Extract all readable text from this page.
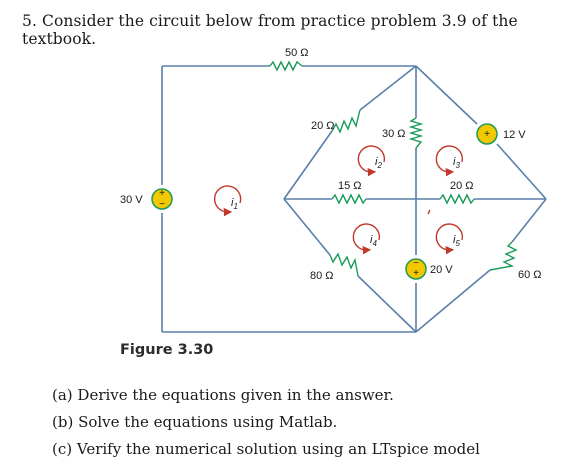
5. Consider the circuit below from practice problem 3.9 of the textbook.
+
−
+
−
+
50 Ω
20 Ω
30 Ω
15 Ω	20 Ω
80 Ω	60 Ω
30 V
12 V
20 V
$i_1$
$i_2$	$i_3$
$i_4$	$i_5$
Figure 3.30
(a) Derive the equations given in the answer.
(b) Solve the equations using Matlab.
(c) Verify the numerical solution using an LTspice model
